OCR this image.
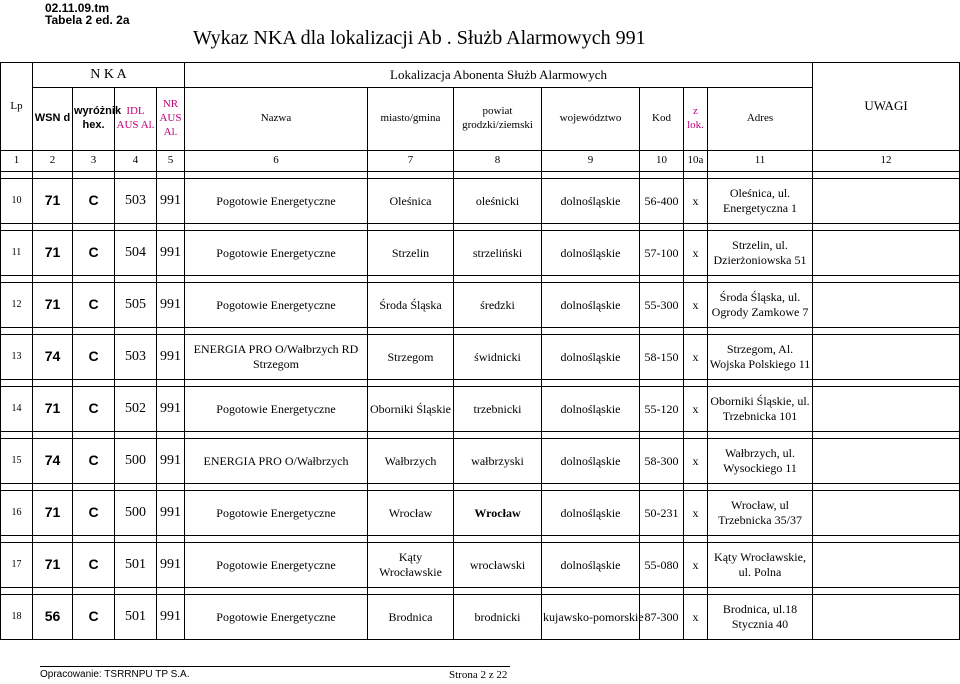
02.11.09.tm
Tabela 2 ed. 2a
Wykaz NKA dla lokalizacji Ab . Służb Alarmowych 991
Lp	N K A				Lokalizacja Abonenta Służb Alarmowych							UWAGI
	WSN d	wyróżnik hex.	IDL AUS Al.	NR AUS Al.	Nazwa	miasto/gmina	powiat grodzki/ziemski	województwo	Kod	z lok.	Adres	
1	2	3	4	5	6	7	8	9	10	10a	11	12

10	71	C	503	991	Pogotowie Energetyczne	Oleśnica	oleśnicki	dolnośląskie	56-400	x	Oleśnica, ul. Energetyczna 1	

11	71	C	504	991	Pogotowie Energetyczne	Strzelin	strzeliński	dolnośląskie	57-100	x	Strzelin, ul. Dzierżoniowska 51	

12	71	C	505	991	Pogotowie Energetyczne	Środa Śląska	średzki	dolnośląskie	55-300	x	Środa Śląska, ul. Ogrody Zamkowe 7	

13	74	C	503	991	ENERGIA PRO O/Wałbrzych RD Strzegom	Strzegom	świdnicki	dolnośląskie	58-150	x	Strzegom, Al. Wojska Polskiego 11	

14	71	C	502	991	Pogotowie Energetyczne	Oborniki Śląskie	trzebnicki	dolnośląskie	55-120	x	Oborniki Śląskie, ul. Trzebnicka 101	

15	74	C	500	991	ENERGIA PRO O/Wałbrzych	Wałbrzych	wałbrzyski	dolnośląskie	58-300	x	Wałbrzych, ul. Wysockiego 11	

16	71	C	500	991	Pogotowie Energetyczne	Wrocław	Wrocław	dolnośląskie	50-231	x	Wrocław, ul Trzebnicka 35/37	

17	71	C	501	991	Pogotowie Energetyczne	Kąty Wrocławskie	wrocławski	dolnośląskie	55-080	x	Kąty Wrocławskie, ul. Polna	

18	56	C	501	991	Pogotowie Energetyczne	Brodnica	brodnicki	kujawsko-pomorskie	87-300	x	Brodnica, ul.18 Stycznia 40	
Opracowanie: TSRRNPU TP S.A.	Strona 2 z 22
